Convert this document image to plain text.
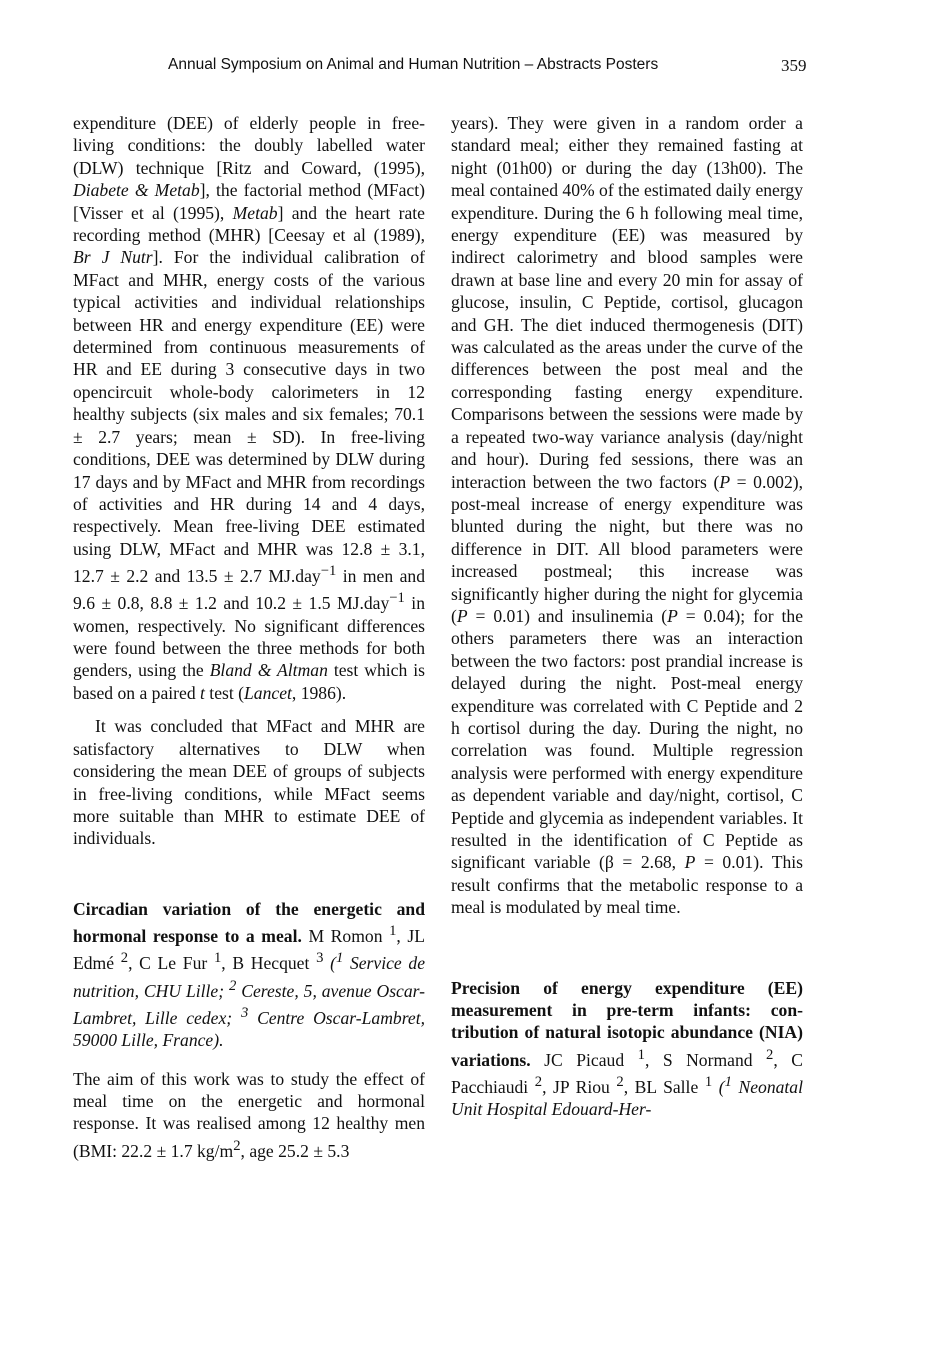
Annual Symposium on Animal and Human Nutrition – Abstracts Posters	359

expenditure (DEE) of elderly people in free-living conditions: the doubly labelled water (DLW) technique [Ritz and Coward, (1995), Diabete & Metab], the factorial method (MFact) [Visser et al (1995), Metab] and the heart rate recording method (MHR) [Ceesay et al (1989), Br J Nutr]. For the individual calibration of MFact and MHR, energy costs of the various typical activities and individual relationships between HR and energy expenditure (EE) were determined from continuous measurements of HR and EE during 3 consecutive days in two opencircuit whole-body calorimeters in 12 healthy subjects (six males and six females; 70.1 ± 2.7 years; mean ± SD). In free-living conditions, DEE was determined by DLW during 17 days and by MFact and MHR from recordings of activities and HR during 14 and 4 days, respectively. Mean free-living DEE estimated using DLW, MFact and MHR was 12.8 ± 3.1, 12.7 ± 2.2 and 13.5 ± 2.7 MJ.day$^{-1}$ in men and 9.6 ± 0.8, 8.8 ± 1.2 and 10.2 ± 1.5 MJ.day$^{-1}$ in women, respectively. No significant differences were found between the three methods for both genders, using the Bland & Altman test which is based on a paired t test (Lancet, 1986).

It was concluded that MFact and MHR are satisfactory alternatives to DLW when considering the mean DEE of groups of subjects in free-living conditions, while MFact seems more suitable than MHR to estimate DEE of individuals.

Circadian variation of the energetic and hormonal response to a meal. M Romon $^1$, JL Edmé $^2$, C Le Fur $^1$, B Hecquet $^3$ ($^1$ Service de nutrition, CHU Lille; $^2$ Cereste, 5, avenue Oscar-Lambret, Lille cedex; $^3$ Centre Oscar-Lambret, 59000 Lille, France).

The aim of this work was to study the effect of meal time on the energetic and hormonal response. It was realised among 12 healthy men (BMI: 22.2 ± 1.7 $kg/m^2$, age 25.2 ± 5.3

years). They were given in a random order a standard meal; either they remained fasting at night (01h00) or during the day (13h00). The meal contained 40% of the estimated daily energy expenditure. During the 6 h following meal time, energy expenditure (EE) was measured by indirect calorimetry and blood samples were drawn at base line and every 20 min for assay of glucose, insulin, C Peptide, cortisol, glucagon and GH. The diet induced thermogenesis (DIT) was calculated as the areas under the curve of the differences between the post meal and the corresponding fasting energy expenditure. Comparisons between the sessions were made by a repeated two-way variance analysis (day/night and hour). During fed sessions, there was an interaction between the two factors (P = 0.002), post-meal increase of energy expenditure was blunted during the night, but there was no difference in DIT. All blood parameters were increased postmeal; this increase was significantly higher during the night for glycemia (P = 0.01) and insulinemia (P = 0.04); for the others parameters there was an interaction between the two factors: post prandial increase is delayed during the night. Post-meal energy expenditure was correlated with C Peptide and 2 h cortisol during the day. During the night, no correlation was found. Multiple regression analysis were performed with energy expenditure as dependent variable and day/night, cortisol, C Peptide and glycemia as independent variables. It resulted in the identification of C Peptide as significant variable (β = 2.68, P = 0.01). This result confirms that the metabolic response to a meal is modulated by meal time.

Precision of energy expenditure (EE) measurement in pre-term infants: contribution of natural isotopic abundance (NIA) variations. JC Picaud $^1$, S Normand $^2$, C Pacchiaudi $^2$, JP Riou $^2$, BL Salle $^1$ ($^1$ Neonatal Unit Hospital Edouard-Her-
